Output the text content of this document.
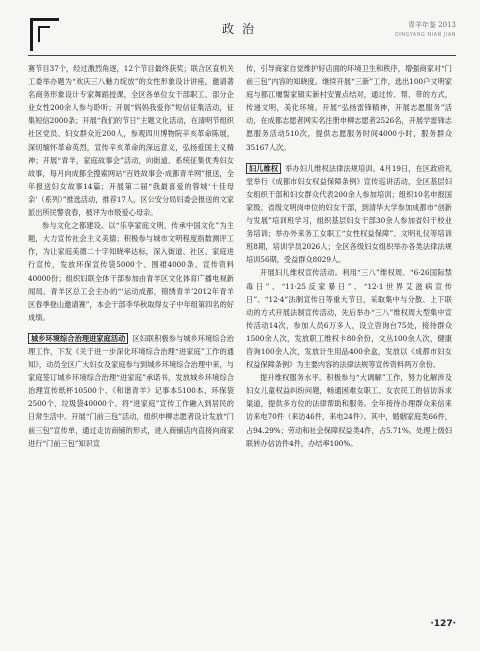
政治	青羊年鉴 2013
QINGYANG NIAN JIAN

赛节目37个，经过激烈角逐，12个节目最终获奖；联合区直机关工委举办题为“欢庆三八魅力绽放”的女性形象设计讲座，邀请著名商务形象设计专家舞蹈授课，全区各单位女干部职工、部分企业女性200余人参与聆听；开展“妈妈我爱你”短信征集活动，征集短信2000条；开展“我们的节日”主题文化活动，在清明节组织社区党员、妇女群众近200人，参观四川博物院辛亥革命陈展，深切缅怀革命英烈，宣传辛亥革命的深远意义，弘扬爱国主义精神；开展“青羊，家庭故事会”活动，向街道、系统征集优秀妇女故事，每月向成都全搜索网站“百姓故事会·成都青羊网”报送，全年报送妇女故事14篇；开展第二届“我最喜爱的蓉城‘十佳母亲’（系列）”推选活动，推荐17人，区公安分局妇委会报送的文家派出所民警袁春，被评为市级爱心母亲。

参与文化之都建设。以“乐享家庭文明，传承中国文化”为主题，大力宣传社会主义美德；积极参与城市文明程度指数测评工作，为让家庭美德二十字知晓率达标，深入街道、社区、家庭进行宣传，发放环保宣传袋5000个、围裙4000条、宣传资料40000份；组织妇联全体干部参加由青羊区文化体育广播电视新闻局、青羊区总工会主办的“‘运动成都，锦绣青羊’2012年青羊区春季登山邀请赛”，本会干部李华秋取得女子中年组第四名的好成绩。

城乡环境综合治理进家庭活动 区妇联积极参与城乡环境综合治理工作，下发《关于进一步深化环境综合治理“进家庭”工作的通知》，动员全区广大妇女及家庭参与到城乡环境综合治理中来，与家庭签订城乡环境综合治理“进家庭”承诺书，发放城乡环境综合治理宣传纸杯10500个、《和谐青羊》记事本5100本、环保袋2500个、垃圾袋40000个、将“进家庭”宣传工作融入到居民的日常生活中。开展“门前三包”活动，组织申柳志愿者设计发放“门前三包”宣传单，通过走访商铺的形式，进入商铺店内直接向商家进行“门前三包”知识宣

传，引导商家自觉维护好店面的环境卫生和秩序，增强商家对“门前三包”内容的知晓度。继续开展“三新”工作，选出100户文明家庭与都江堰誓家镇实新村安置点结对，通过传、帮、带的方式，传递文明，美化环境。开展“弘扬雷锋精神，开展志愿服务”活动，在成都志愿者网实名注册申柳志愿者2526名，开展学雷锋志愿服务活动510次，提供志愿服务时间4000小时，服务群众35167人次。

妇儿维权 举办妇儿维权法律法规培训。4月19日，在区政府礼堂举行《成都市妇女权益保障条例》宣传巡讲活动，全区基层妇女组织干部和妇女群众代表200余人参加培训；组织10名申报国家级、省级文明岗申位的妇女干部，到清华大学参加成都市“创新与发展”培训班学习，组织基层妇女干部30余人参加省妇干校业务培训；举办外来务工女职工“女性权益保障”、文明礼仪等培训班8期，培训学员2026人；全区各级妇女组织举办各类法律法规培训56期，受益群众8029人。

开展妇儿维权宣传活动。利用“三八”维权周、“6·26国际禁毒日”、“11·25反家暴日”、“12·1世界艾滋病宣传日”、“12·4”法制宣传日等重大节日，采取集中与分散、上下联动的方式开展法制宣传活动，先后举办“三八”维权周大型集中宣传活动14次，参加人员6万多人，设立咨询台75处，接待群众1500余人次，发放职工维权卡80余份，文丛100余人次，健康咨询100余人次，发放计生用品400余盒，发放以《成都市妇女权益保障条例》为主要内容的法律法规等宣传资料两万余份。

提升维权服务水平。积极参与“大调解”工作，努力化解涉及妇女儿童权益纠纷问题，畅通困难女职工、女农民工的信访诉求渠道，提供多方位的法律帮助和服务。全年接待办理群众来信来访来电70件（来访46件，来电24件）。其中，婚姻家庭类66件，占94.29%；劳动和社会保障权益类4件，占5.71%。处理上级妇联转办信访件4件，办结率100%。

·127·
